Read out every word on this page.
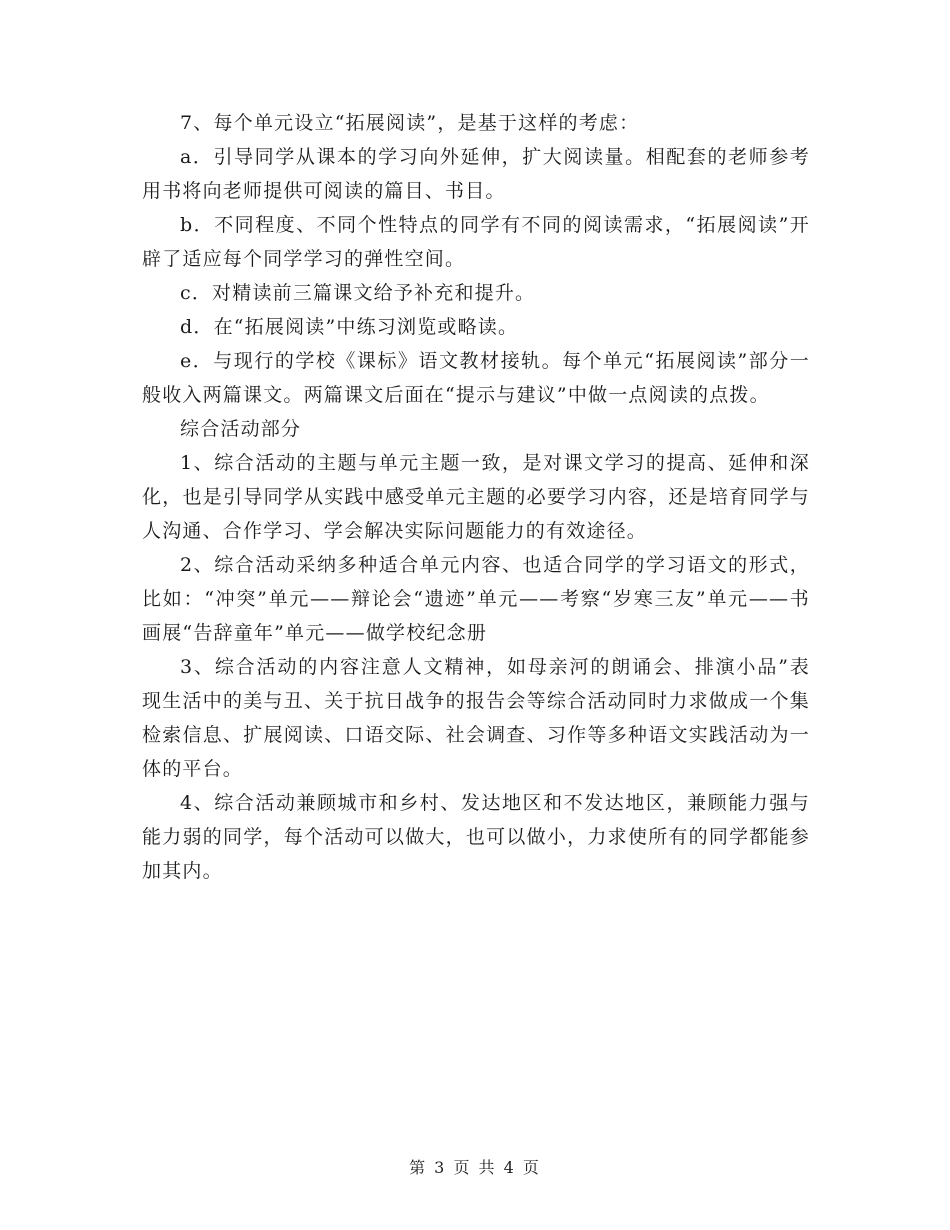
7、每个单元设立“拓展阅读”，是基于这样的考虑：

a．引导同学从课本的学习向外延伸，扩大阅读量。相配套的老师参考用书将向老师提供可阅读的篇目、书目。

b．不同程度、不同个性特点的同学有不同的阅读需求，“拓展阅读”开辟了适应每个同学学习的弹性空间。

c．对精读前三篇课文给予补充和提升。

d．在“拓展阅读”中练习浏览或略读。

e．与现行的学校《课标》语文教材接轨。每个单元“拓展阅读”部分一般收入两篇课文。两篇课文后面在“提示与建议”中做一点阅读的点拨。

综合活动部分

1、综合活动的主题与单元主题一致，是对课文学习的提高、延伸和深化，也是引导同学从实践中感受单元主题的必要学习内容，还是培育同学与人沟通、合作学习、学会解决实际问题能力的有效途径。

2、综合活动采纳多种适合单元内容、也适合同学的学习语文的形式，比如：“冲突”单元——辩论会“遗迹”单元——考察“岁寒三友”单元——书画展“告辞童年”单元——做学校纪念册

3、综合活动的内容注意人文精神，如母亲河的朗诵会、排演小品”表现生活中的美与丑、关于抗日战争的报告会等综合活动同时力求做成一个集检索信息、扩展阅读、口语交际、社会调查、习作等多种语文实践活动为一体的平台。

4、综合活动兼顾城市和乡村、发达地区和不发达地区，兼顾能力强与能力弱的同学，每个活动可以做大，也可以做小，力求使所有的同学都能参加其内。

第 3 页 共 4 页
